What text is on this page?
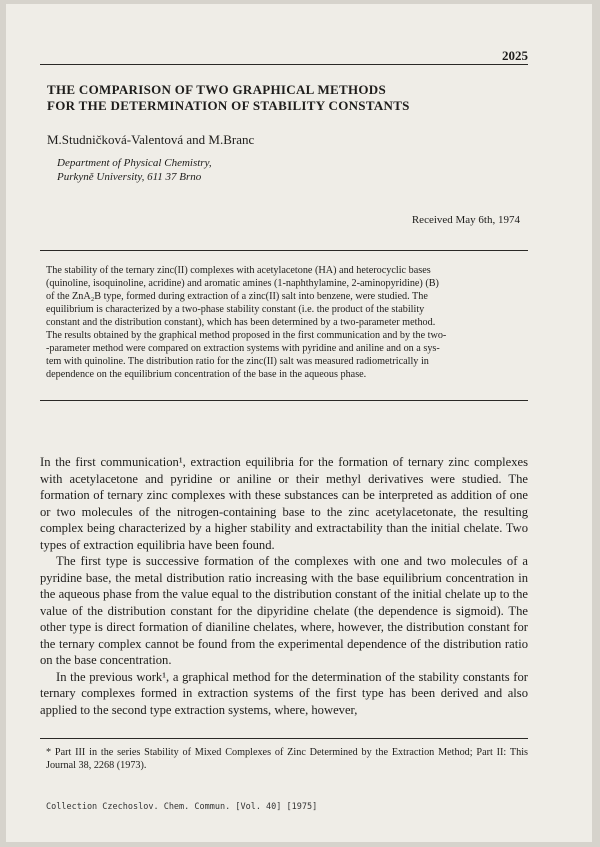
2025
THE COMPARISON OF TWO GRAPHICAL METHODS
FOR THE DETERMINATION OF STABILITY CONSTANTS
M.Studničková-Valentová and M.Branc
Department of Physical Chemistry,
Purkyně University, 611 37 Brno
Received May 6th, 1974
The stability of the ternary zinc(II) complexes with acetylacetone (HA) and heterocyclic bases
(quinoline, isoquinoline, acridine) and aromatic amines (1-naphthylamine, 2-aminopyridine) (B)
of the ZnA₂B type, formed during extraction of a zinc(II) salt into benzene, were studied. The
equilibrium is characterized by a two-phase stability constant (i.e. the product of the stability
constant and the distribution constant), which has been determined by a two-parameter method.
The results obtained by the graphical method proposed in the first communication and by the two-
-parameter method were compared on extraction systems with pyridine and aniline and on a sys-
tem with quinoline. The distribution ratio for the zinc(II) salt was measured radiometrically in
dependence on the equilibrium concentration of the base in the aqueous phase.

In the first communication¹, extraction equilibria for the formation of ternary zinc complexes with acetylacetone and pyridine or aniline or their methyl derivatives were studied. The formation of ternary zinc complexes with these substances can be interpreted as addition of one or two molecules of the nitrogen-containing base to the zinc acetylacetonate, the resulting complex being characterized by a higher stability and extractability than the initial chelate. Two types of extraction equilibria have been found.

The first type is successive formation of the complexes with one and two molecules of a pyridine base, the metal distribution ratio increasing with the base equilibrium concentration in the aqueous phase from the value equal to the distribution constant of the initial chelate up to the value of the distribution constant for the dipyridine chelate (the dependence is sigmoid). The other type is direct formation of dianiline chelates, where, however, the distribution constant for the ternary complex cannot be found from the experimental dependence of the distribution ratio on the base concentration.

In the previous work¹, a graphical method for the determination of the stability constants for ternary complexes formed in extraction systems of the first type has been derived and also applied to the second type extraction systems, where, however,

* Part III in the series Stability of Mixed Complexes of Zinc Determined by the Extraction Method; Part II: This Journal 38, 2268 (1973).
Collection Czechoslov. Chem. Commun. [Vol. 40] [1975]
